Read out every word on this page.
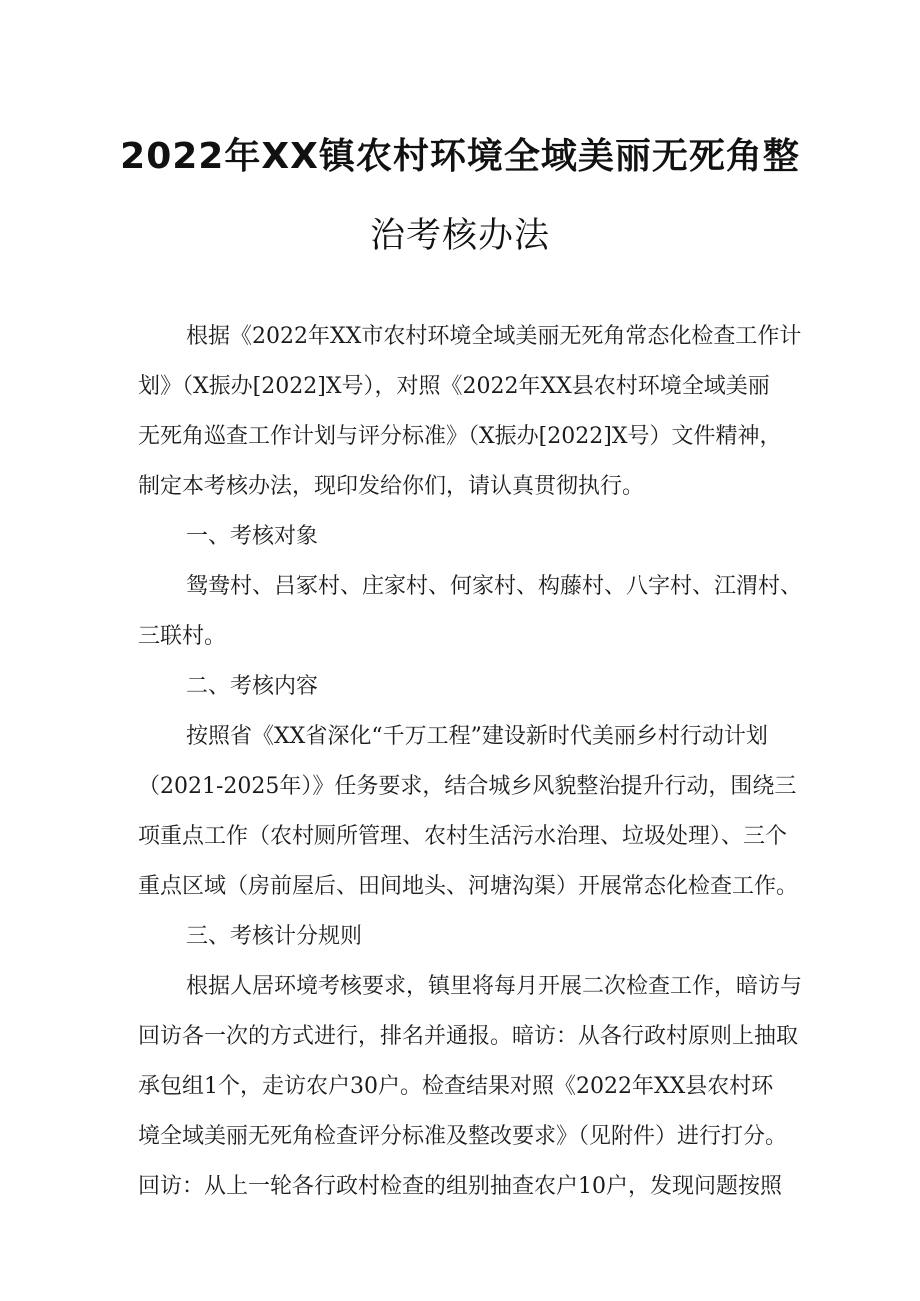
2022年XX镇农村环境全域美丽无死角整
治考核办法
根据《2022年XX市农村环境全域美丽无死角常态化检查工作计
划》（X振办[2022]X号），对照《2022年XX县农村环境全域美丽
无死角巡查工作计划与评分标准》（X振办[2022]X号）文件精神，
制定本考核办法，现印发给你们，请认真贯彻执行。
一、考核对象
鸳鸯村、吕冢村、庄家村、何家村、构藤村、八字村、江渭村、
三联村。
二、考核内容
按照省《XX省深化“千万工程”建设新时代美丽乡村行动计划
（2021-2025年）》任务要求，结合城乡风貌整治提升行动，围绕三
项重点工作（农村厕所管理、农村生活污水治理、垃圾处理）、三个
重点区域（房前屋后、田间地头、河塘沟渠）开展常态化检查工作。
三、考核计分规则
根据人居环境考核要求，镇里将每月开展二次检查工作，暗访与
回访各一次的方式进行，排名并通报。暗访：从各行政村原则上抽取
承包组1个，走访农户30户。检查结果对照《2022年XX县农村环
境全域美丽无死角检查评分标准及整改要求》（见附件）进行打分。
回访：从上一轮各行政村检查的组别抽查农户10户，发现问题按照
